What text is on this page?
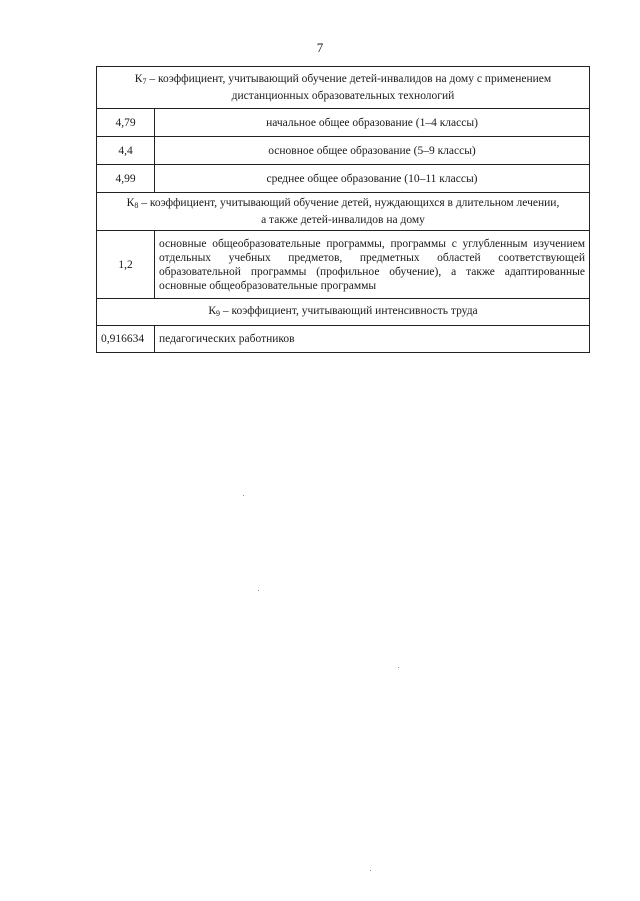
7
$К_7$ – коэффициент, учитывающий обучение детей-инвалидов на дому с применением
дистанционных образовательных технологий	
4,79	начальное общее образование (1–4 классы)
4,4	основное общее образование (5–9 классы)
4,99	среднее общее образование (10–11 классы)
$К_8$ – коэффициент, учитывающий обучение детей, нуждающихся в длительном лечении,
а также детей-инвалидов на дому	
1,2	основные общеобразовательные программы, программы с углубленным изучением отдельных учебных предметов, предметных областей соответствующей образовательной программы (профильное обучение), а также адаптированные основные общеобразовательные программы
$К_9$ – коэффициент, учитывающий интенсивность труда	
0,916634	педагогических работников
